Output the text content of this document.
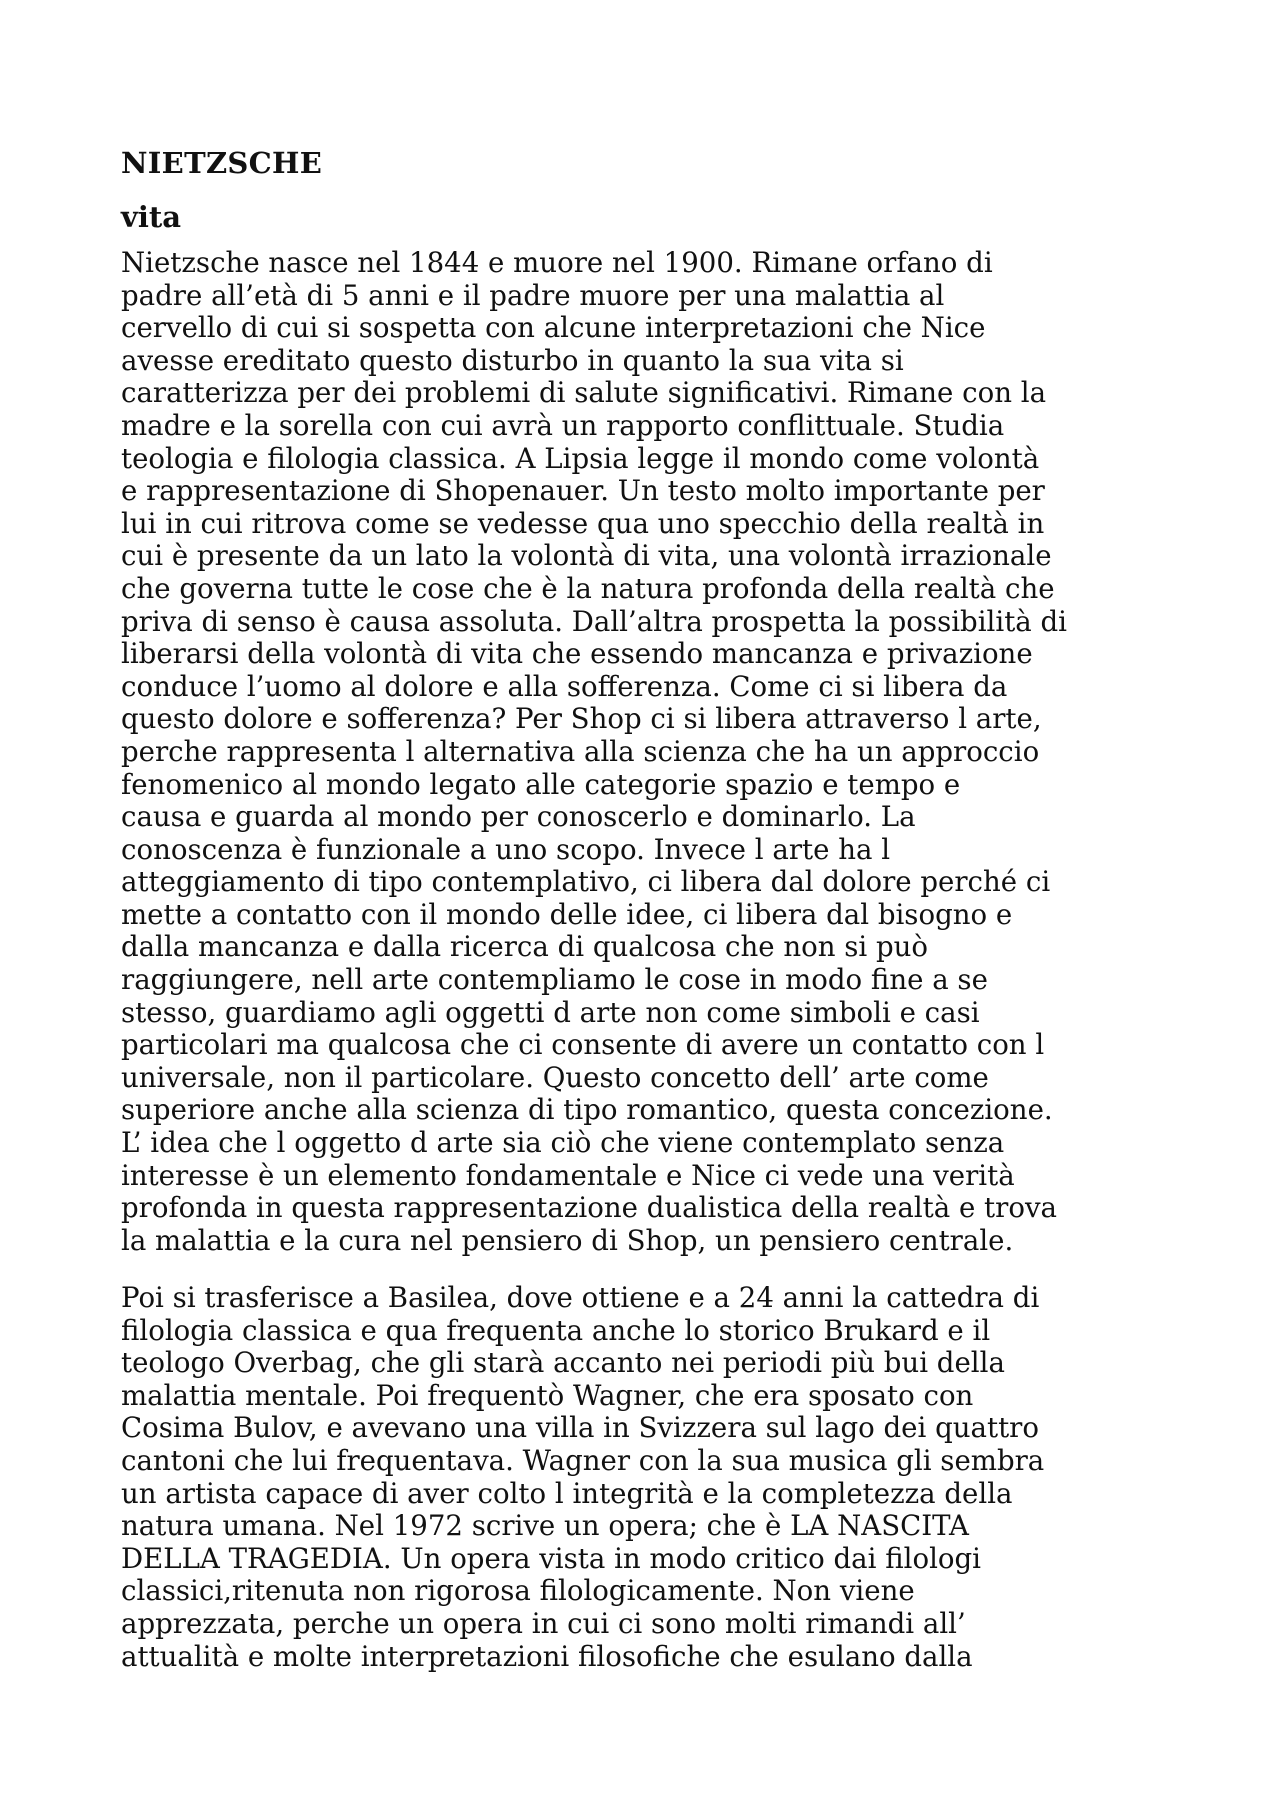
NIETZSCHE
vita

Nietzsche nasce nel 1844 e muore nel 1900. Rimane orfano di
padre all’età di 5 anni e il padre muore per una malattia al
cervello di cui si sospetta con alcune interpretazioni che Nice
avesse ereditato questo disturbo in quanto la sua vita si
caratterizza per dei problemi di salute significativi. Rimane con la
madre e la sorella con cui avrà un rapporto conflittuale. Studia
teologia e filologia classica. A Lipsia legge il mondo come volontà
e rappresentazione di Shopenauer. Un testo molto importante per
lui in cui ritrova come se vedesse qua uno specchio della realtà in
cui è presente da un lato la volontà di vita, una volontà irrazionale
che governa tutte le cose che è la natura profonda della realtà che
priva di senso è causa assoluta. Dall’altra prospetta la possibilità di
liberarsi della volontà di vita che essendo mancanza e privazione
conduce l’uomo al dolore e alla sofferenza. Come ci si libera da
questo dolore e sofferenza? Per Shop ci si libera attraverso l arte,
perche rappresenta l alternativa alla scienza che ha un approccio
fenomenico al mondo legato alle categorie spazio e tempo e
causa e guarda al mondo per conoscerlo e dominarlo. La
conoscenza è funzionale a uno scopo. Invece l arte ha l
atteggiamento di tipo contemplativo, ci libera dal dolore perché ci
mette a contatto con il mondo delle idee, ci libera dal bisogno e
dalla mancanza e dalla ricerca di qualcosa che non si può
raggiungere, nell arte contempliamo le cose in modo fine a se
stesso, guardiamo agli oggetti d arte non come simboli e casi
particolari ma qualcosa che ci consente di avere un contatto con l
universale, non il particolare. Questo concetto dell’ arte come
superiore anche alla scienza di tipo romantico, questa concezione.
L’ idea che l oggetto d arte sia ciò che viene contemplato senza
interesse è un elemento fondamentale e Nice ci vede una verità
profonda in questa rappresentazione dualistica della realtà e trova
la malattia e la cura nel pensiero di Shop, un pensiero centrale.

Poi si trasferisce a Basilea, dove ottiene e a 24 anni la cattedra di
filologia classica e qua frequenta anche lo storico Brukard e il
teologo Overbag, che gli starà accanto nei periodi più bui della
malattia mentale. Poi frequentò Wagner, che era sposato con
Cosima Bulov, e avevano una villa in Svizzera sul lago dei quattro
cantoni che lui frequentava. Wagner con la sua musica gli sembra
un artista capace di aver colto l integrità e la completezza della
natura umana. Nel 1972 scrive un opera; che è LA NASCITA
DELLA TRAGEDIA. Un opera vista in modo critico dai filologi
classici,ritenuta non rigorosa filologicamente. Non viene
apprezzata, perche un opera in cui ci sono molti rimandi all’
attualità e molte interpretazioni filosofiche che esulano dalla
